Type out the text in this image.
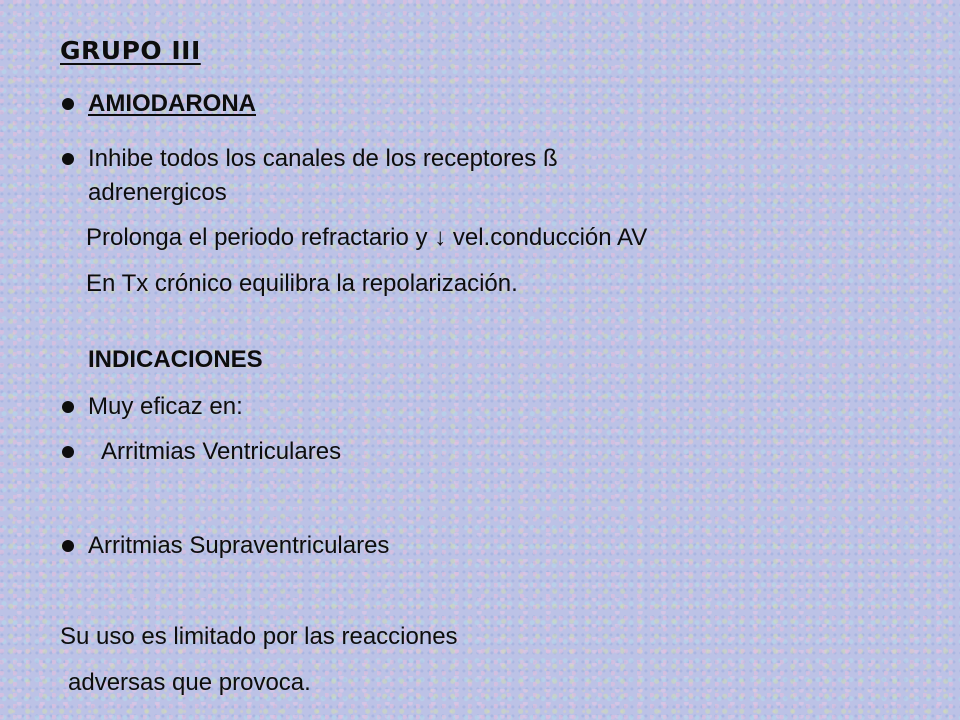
GRUPO III
AMIODARONA
Inhibe todos los canales de los receptores ß
adrenergicos
Prolonga el periodo refractario y ↓ vel.conducción AV
En Tx crónico equilibra la repolarización.
INDICACIONES
Muy eficaz en:
Arritmias Ventriculares
Arritmias Supraventriculares
Su uso es limitado por las reacciones
adversas que provoca.
